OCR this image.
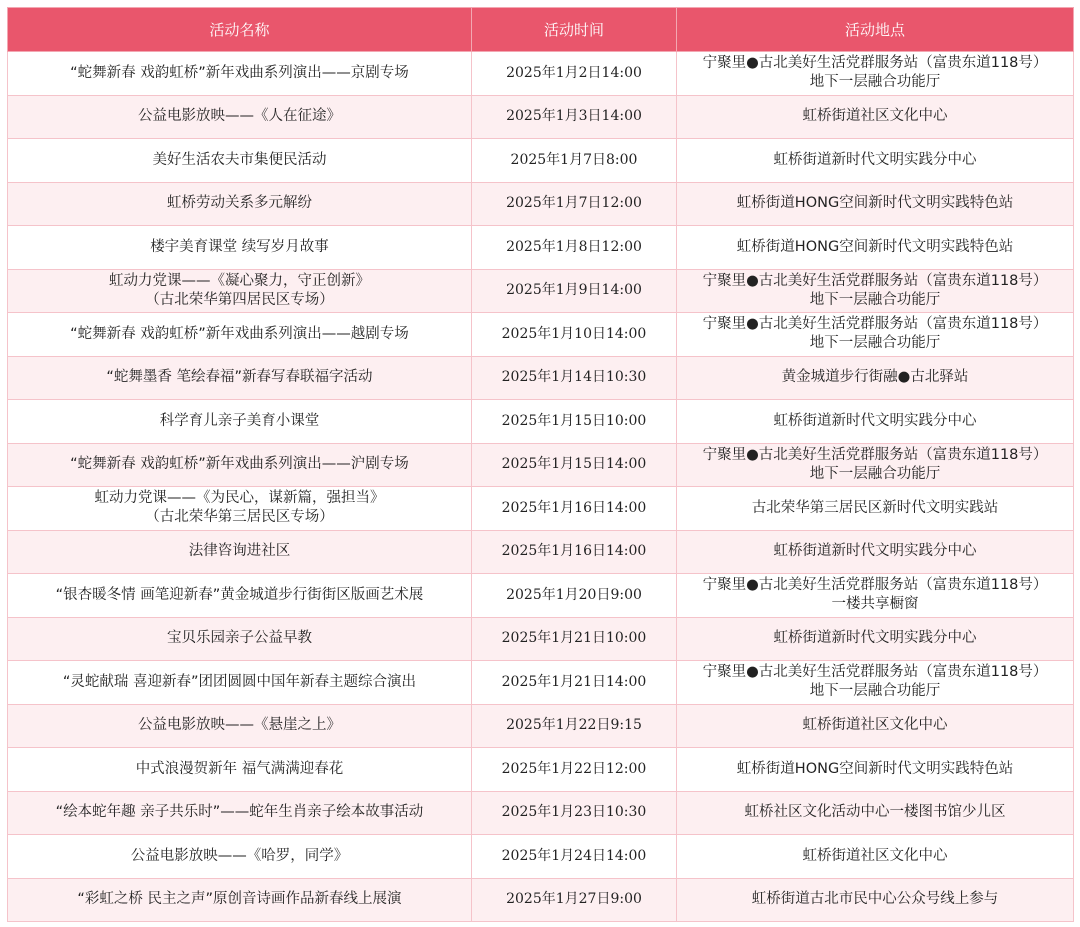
活动名称	活动时间	活动地点

“蛇舞新春 戏韵虹桥”新年戏曲系列演出——京剧专场	2025年1月2日14:00	宁聚里●古北美好生活党群服务站（富贵东道118号）
地下一层融合功能厅

公益电影放映——《人在征途》	2025年1月3日14:00	虹桥街道社区文化中心

美好生活农夫市集便民活动	2025年1月7日8:00	虹桥街道新时代文明实践分中心

虹桥劳动关系多元解纷	2025年1月7日12:00	虹桥街道HONG空间新时代文明实践特色站

楼宇美育课堂 续写岁月故事	2025年1月8日12:00	虹桥街道HONG空间新时代文明实践特色站

虹动力党课——《凝心聚力，守正创新》
（古北荣华第四居民区专场）	2025年1月9日14:00	宁聚里●古北美好生活党群服务站（富贵东道118号）
地下一层融合功能厅

“蛇舞新春 戏韵虹桥”新年戏曲系列演出——越剧专场	2025年1月10日14:00	宁聚里●古北美好生活党群服务站（富贵东道118号）
地下一层融合功能厅

“蛇舞墨香 笔绘春福”新春写春联福字活动	2025年1月14日10:30	黄金城道步行街融●古北驿站

科学育儿亲子美育小课堂	2025年1月15日10:00	虹桥街道新时代文明实践分中心

“蛇舞新春 戏韵虹桥”新年戏曲系列演出——沪剧专场	2025年1月15日14:00	宁聚里●古北美好生活党群服务站（富贵东道118号）
地下一层融合功能厅

虹动力党课——《为民心，谋新篇，强担当》
（古北荣华第三居民区专场）	2025年1月16日14:00	古北荣华第三居民区新时代文明实践站

法律咨询进社区	2025年1月16日14:00	虹桥街道新时代文明实践分中心

“银杏暖冬情 画笔迎新春”黄金城道步行街街区版画艺术展	2025年1月20日9:00	宁聚里●古北美好生活党群服务站（富贵东道118号）
一楼共享橱窗

宝贝乐园亲子公益早教	2025年1月21日10:00	虹桥街道新时代文明实践分中心

“灵蛇献瑞 喜迎新春”团团圆圆中国年新春主题综合演出	2025年1月21日14:00	宁聚里●古北美好生活党群服务站（富贵东道118号）
地下一层融合功能厅

公益电影放映——《悬崖之上》	2025年1月22日9:15	虹桥街道社区文化中心

中式浪漫贺新年 福气满满迎春花	2025年1月22日12:00	虹桥街道HONG空间新时代文明实践特色站

“绘本蛇年趣 亲子共乐时”——蛇年生肖亲子绘本故事活动	2025年1月23日10:30	虹桥社区文化活动中心一楼图书馆少儿区

公益电影放映——《哈罗，同学》	2025年1月24日14:00	虹桥街道社区文化中心

“彩虹之桥 民主之声”原创音诗画作品新春线上展演	2025年1月27日9:00	虹桥街道古北市民中心公众号线上参与
